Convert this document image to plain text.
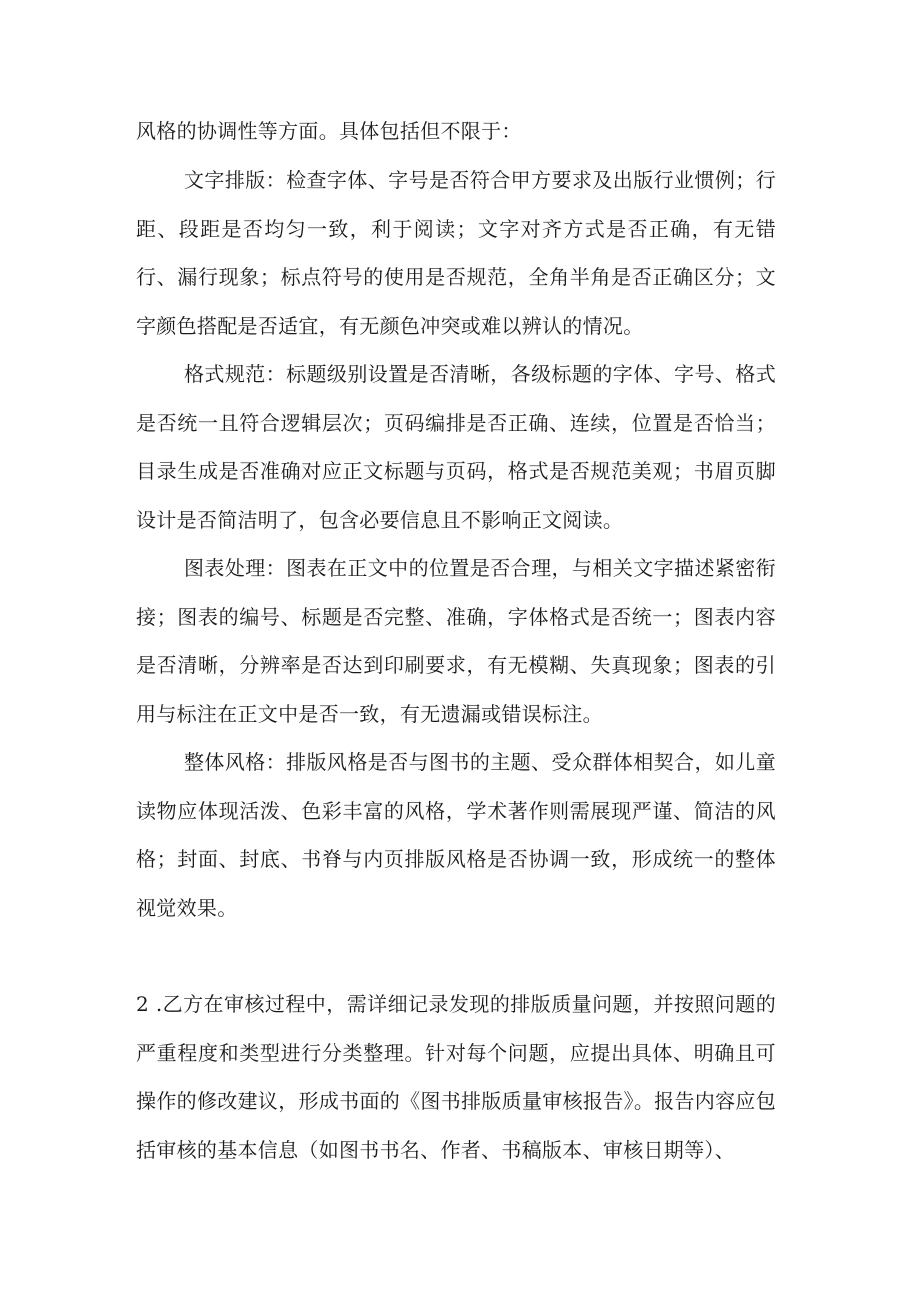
风格的协调性等方面。具体包括但不限于：

文字排版：检查字体、字号是否符合甲方要求及出版行业惯例；行距、段距是否均匀一致，利于阅读；文字对齐方式是否正确，有无错行、漏行现象；标点符号的使用是否规范，全角半角是否正确区分；文字颜色搭配是否适宜，有无颜色冲突或难以辨认的情况。

格式规范：标题级别设置是否清晰，各级标题的字体、字号、格式是否统一且符合逻辑层次；页码编排是否正确、连续，位置是否恰当；目录生成是否准确对应正文标题与页码，格式是否规范美观；书眉页脚设计是否简洁明了，包含必要信息且不影响正文阅读。

图表处理：图表在正文中的位置是否合理，与相关文字描述紧密衔接；图表的编号、标题是否完整、准确，字体格式是否统一；图表内容是否清晰，分辨率是否达到印刷要求，有无模糊、失真现象；图表的引用与标注在正文中是否一致，有无遗漏或错误标注。

整体风格：排版风格是否与图书的主题、受众群体相契合，如儿童读物应体现活泼、色彩丰富的风格，学术著作则需展现严谨、简洁的风格；封面、封底、书脊与内页排版风格是否协调一致，形成统一的整体视觉效果。

2 .乙方在审核过程中，需详细记录发现的排版质量问题，并按照问题的严重程度和类型进行分类整理。针对每个问题，应提出具体、明确且可操作的修改建议，形成书面的《图书排版质量审核报告》。报告内容应包括审核的基本信息（如图书书名、作者、书稿版本、审核日期等）、
